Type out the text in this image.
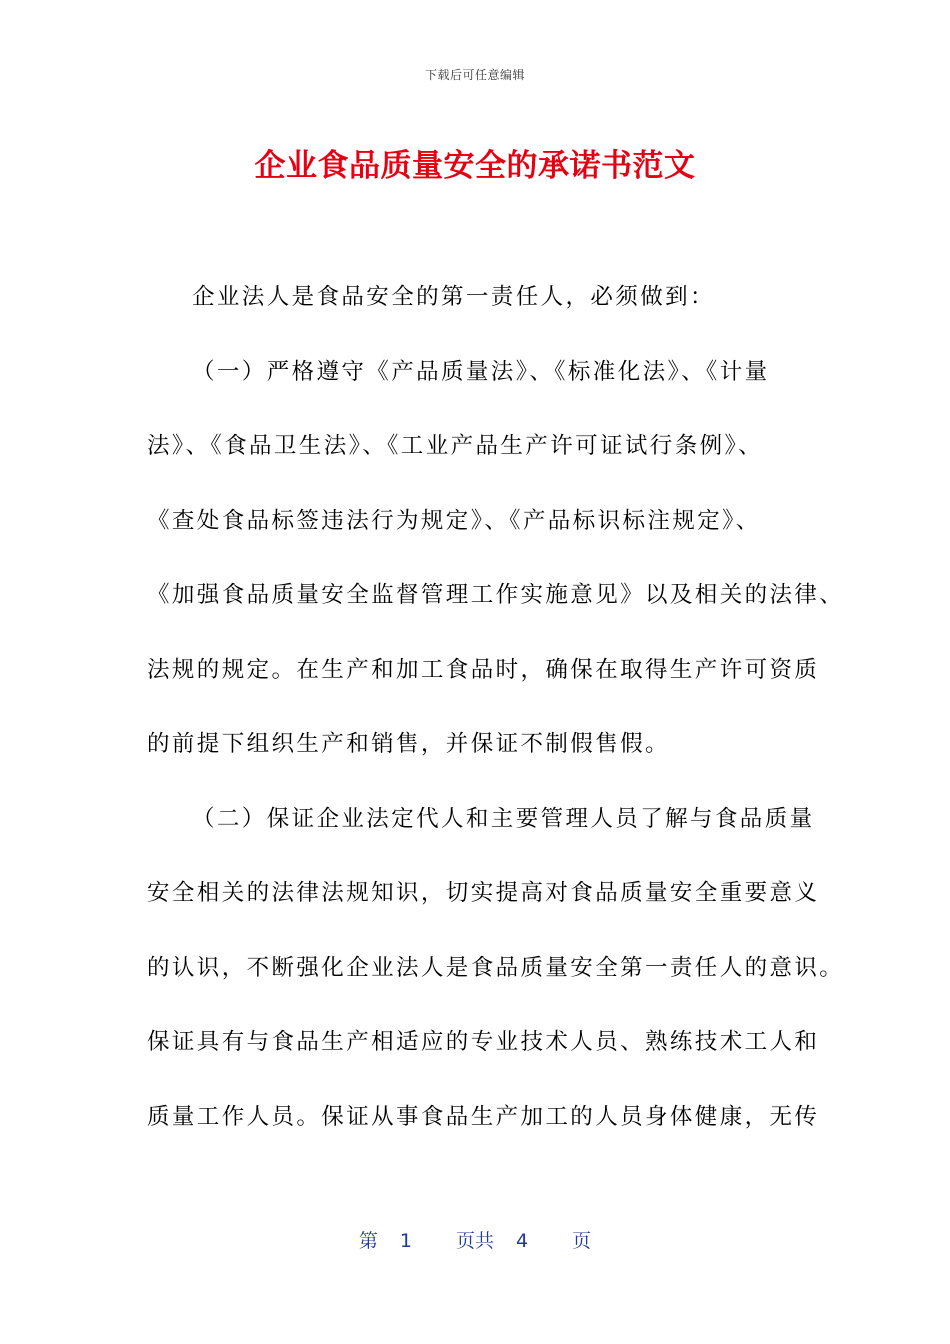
下载后可任意编辑
企业食品质量安全的承诺书范文
企业法人是食品安全的第一责任人，必须做到：
（一）严格遵守《产品质量法》、《标准化法》、《计量
法》、《食品卫生法》、《工业产品生产许可证试行条例》、
《查处食品标签违法行为规定》、《产品标识标注规定》、
《加强食品质量安全监督管理工作实施意见》以及相关的法律、
法规的规定。在生产和加工食品时，确保在取得生产许可资质
的前提下组织生产和销售，并保证不制假售假。
（二）保证企业法定代人和主要管理人员了解与食品质量
安全相关的法律法规知识，切实提高对食品质量安全重要意义
的认识，不断强化企业法人是食品质量安全第一责任人的意识。
保证具有与食品生产相适应的专业技术人员、熟练技术工人和
质量工作人员。保证从事食品生产加工的人员身体健康，无传
第 1 页共 4 页
